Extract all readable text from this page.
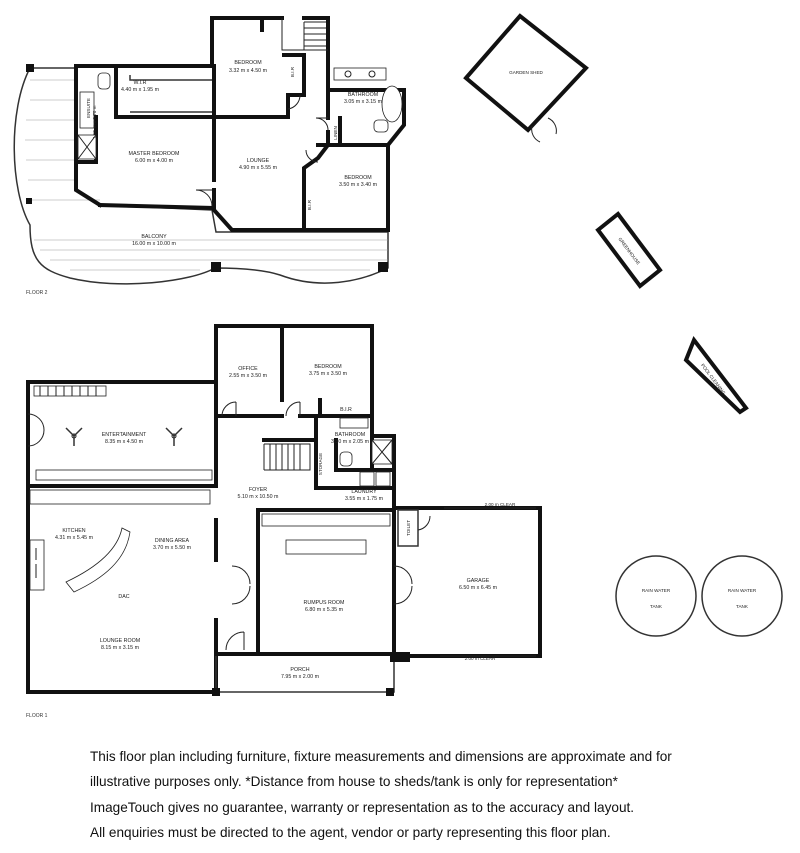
W.I.R
4.40 m x 1.95 m
BEDROOM
3.32 m x 4.50 m	B.I.R
BATHROOM
3.05 m x 3.15 m
ENSUITE 1.85 m x 2.70 m
MASTER BEDROOM
6.00 m x 4.00 m	LOUNGE
4.90 m x 5.55 m
LINEN
BEDROOM
3.50 m x 3.40 m
B.I.R
BALCONY
16.00 m x 10.00 m
FLOOR 2
GARDEN SHED
GREENHOUSE
POOL CLEANING
RAIN WATER
TANK
RAIN WATER
TANK
OFFICE
2.55 m x 3.50 m
BEDROOM
3.75 m x 3.50 m
B.I.R
ENTERTAINMENT
8.35 m x 4.50 m
BATHROOM
3.30 m x 2.05 m
STORAGE
FOYER
5.10 m x 10.50 m
LAUNDRY
3.55 m x 1.75 m
TOILET
KITCHEN
4.31 m x 5.45 m	DINING AREA
3.70 m x 5.50 m
DAC
LOUNGE ROOM
8.15 m x 3.15 m
RUMPUS ROOM
6.80 m x 5.35 m
GARAGE
6.50 m x 6.45 m
PORCH
7.95 m x 2.00 m
2.00 m CLEAR
2.00 m CLEAR
FLOOR 1
This floor plan including furniture, fixture measurements and dimensions are approximate and for
illustrative purposes only. *Distance from house to sheds/tank is only for representation*
ImageTouch gives no guarantee, warranty or representation as to the accuracy and layout.
All enquiries must be directed to the agent, vendor or party representing this floor plan.
